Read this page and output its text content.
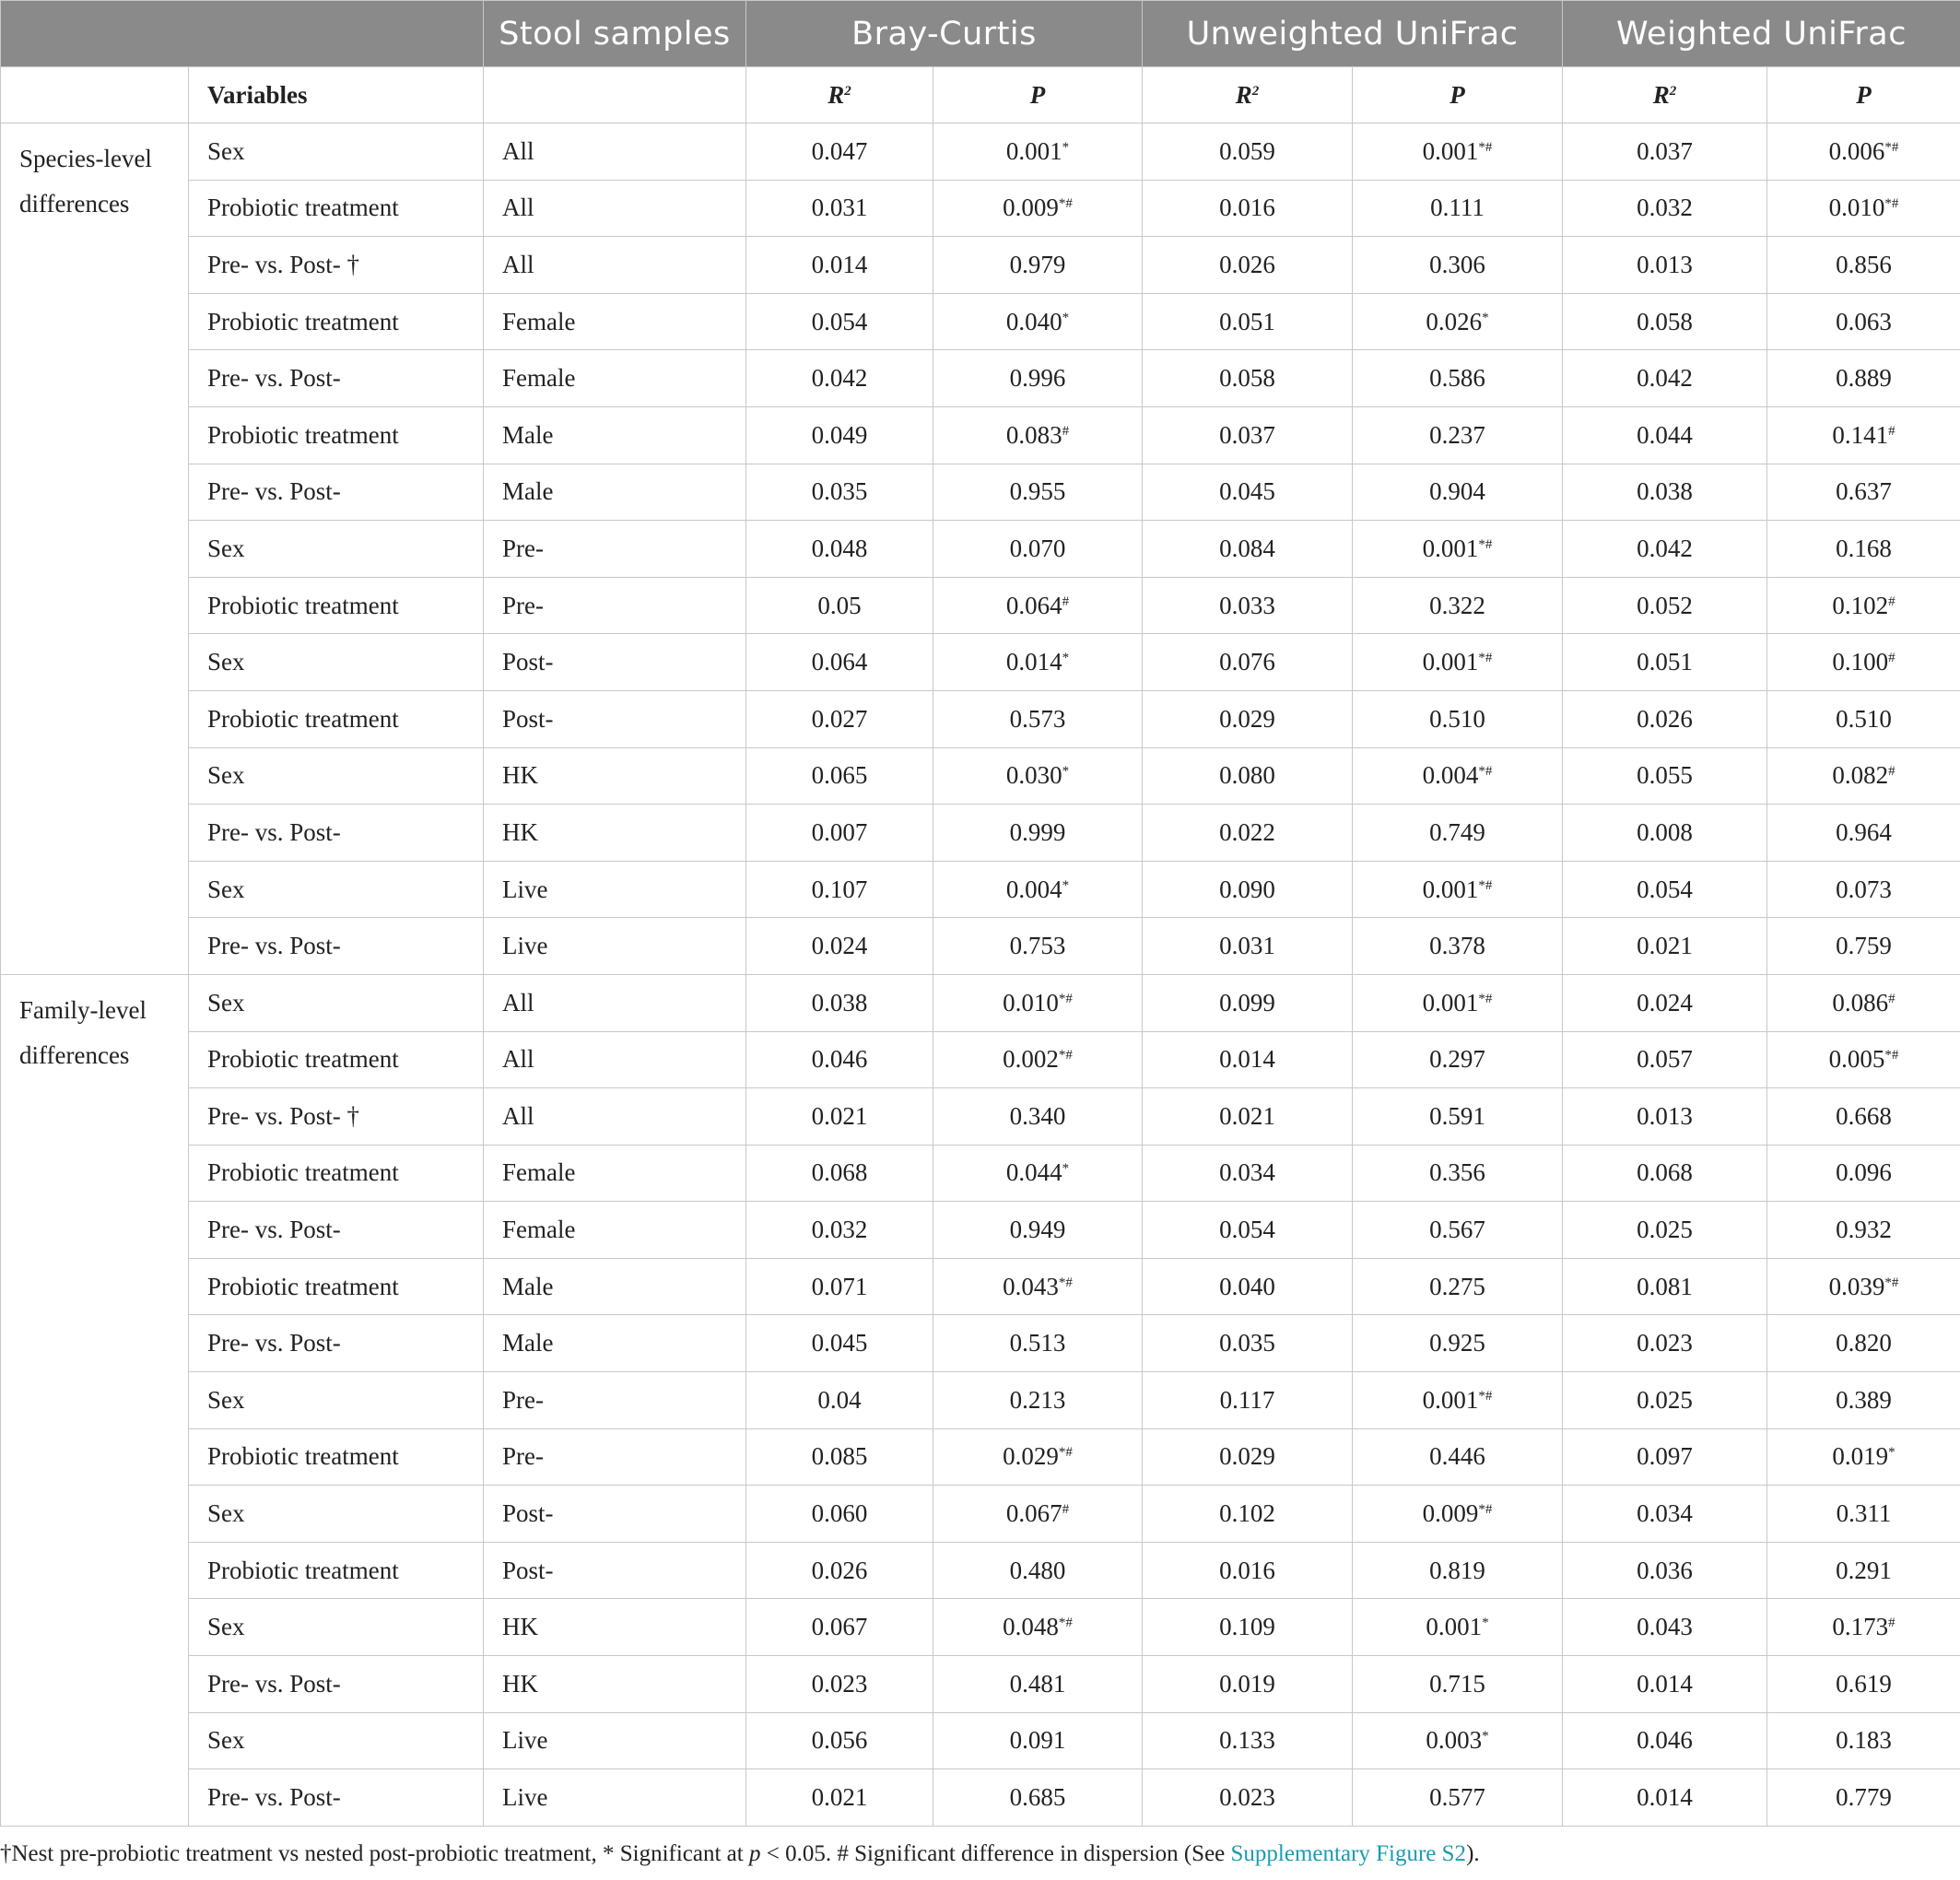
		Stool samples	Bray-Curtis		Unweighted UniFrac		Weighted UniFrac	
	Variables		$R^2$	P	$R^2$	P	$R^2$	P
Species-level differences	Sex	All	0.047	0.001*	0.059	0.001*#	0.037	0.006*#
	Probiotic treatment	All	0.031	0.009*#	0.016	0.111	0.032	0.010*#
	Pre- vs. Post- †	All	0.014	0.979	0.026	0.306	0.013	0.856
	Probiotic treatment	Female	0.054	0.040*	0.051	0.026*	0.058	0.063
	Pre- vs. Post-	Female	0.042	0.996	0.058	0.586	0.042	0.889
	Probiotic treatment	Male	0.049	0.083#	0.037	0.237	0.044	0.141#
	Pre- vs. Post-	Male	0.035	0.955	0.045	0.904	0.038	0.637
	Sex	Pre-	0.048	0.070	0.084	0.001*#	0.042	0.168
	Probiotic treatment	Pre-	0.05	0.064#	0.033	0.322	0.052	0.102#
	Sex	Post-	0.064	0.014*	0.076	0.001*#	0.051	0.100#
	Probiotic treatment	Post-	0.027	0.573	0.029	0.510	0.026	0.510
	Sex	HK	0.065	0.030*	0.080	0.004*#	0.055	0.082#
	Pre- vs. Post-	HK	0.007	0.999	0.022	0.749	0.008	0.964
	Sex	Live	0.107	0.004*	0.090	0.001*#	0.054	0.073
	Pre- vs. Post-	Live	0.024	0.753	0.031	0.378	0.021	0.759
Family-level differences	Sex	All	0.038	0.010*#	0.099	0.001*#	0.024	0.086#
	Probiotic treatment	All	0.046	0.002*#	0.014	0.297	0.057	0.005*#
	Pre- vs. Post- †	All	0.021	0.340	0.021	0.591	0.013	0.668
	Probiotic treatment	Female	0.068	0.044*	0.034	0.356	0.068	0.096
	Pre- vs. Post-	Female	0.032	0.949	0.054	0.567	0.025	0.932
	Probiotic treatment	Male	0.071	0.043*#	0.040	0.275	0.081	0.039*#
	Pre- vs. Post-	Male	0.045	0.513	0.035	0.925	0.023	0.820
	Sex	Pre-	0.04	0.213	0.117	0.001*#	0.025	0.389
	Probiotic treatment	Pre-	0.085	0.029*#	0.029	0.446	0.097	0.019*
	Sex	Post-	0.060	0.067#	0.102	0.009*#	0.034	0.311
	Probiotic treatment	Post-	0.026	0.480	0.016	0.819	0.036	0.291
	Sex	HK	0.067	0.048*#	0.109	0.001*	0.043	0.173#
	Pre- vs. Post-	HK	0.023	0.481	0.019	0.715	0.014	0.619
	Sex	Live	0.056	0.091	0.133	0.003*	0.046	0.183
	Pre- vs. Post-	Live	0.021	0.685	0.023	0.577	0.014	0.779
†Nest pre-probiotic treatment vs nested post-probiotic treatment, * Significant at p < 0.05. # Significant difference in dispersion (See Supplementary Figure S2).
